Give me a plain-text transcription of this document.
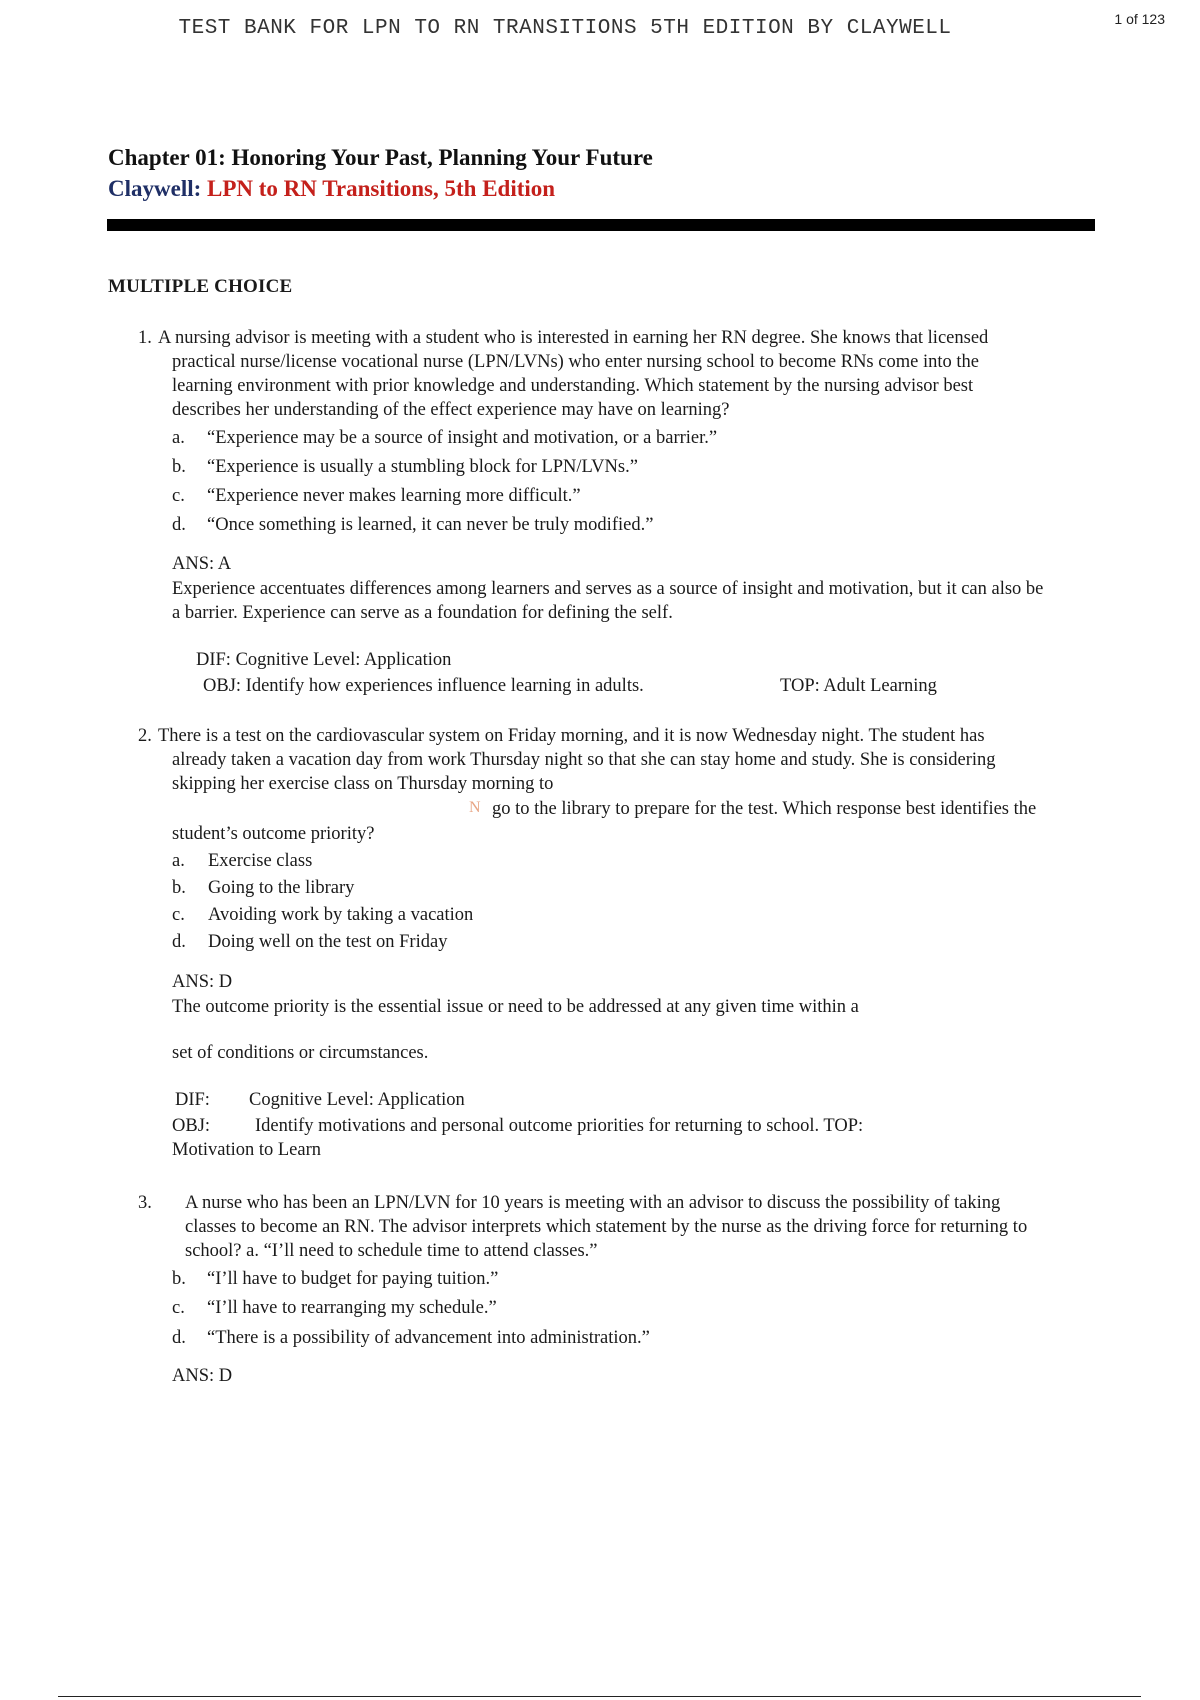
TEST BANK FOR LPN TO RN TRANSITIONS 5TH EDITION BY CLAYWELL	1 of 123
Chapter 01: Honoring Your Past, Planning Your Future
Claywell: LPN to RN Transitions, 5th Edition
MULTIPLE CHOICE
1. A nursing advisor is meeting with a student who is interested in earning her RN degree. She knows that licensed
practical nurse/license vocational nurse (LPN/LVNs) who enter nursing school to become RNs come into the
learning environment with prior knowledge and understanding. Which statement by the nursing advisor best
describes her understanding of the effect experience may have on learning?
a. “Experience may be a source of insight and motivation, or a barrier.”
b. “Experience is usually a stumbling block for LPN/LVNs.”
c. “Experience never makes learning more difficult.”
d. “Once something is learned, it can never be truly modified.”
ANS: A
Experience accentuates differences among learners and serves as a source of insight and motivation, but it can also be
a barrier. Experience can serve as a foundation for defining the self.
DIF: Cognitive Level: Application
OBJ: Identify how experiences influence learning in adults.	TOP: Adult Learning
2. There is a test on the cardiovascular system on Friday morning, and it is now Wednesday night. The student has
already taken a vacation day from work Thursday night so that she can stay home and study. She is considering
skipping her exercise class on Thursday morning to
N go to the library to prepare for the test. Which response best identifies the
student’s outcome priority?
a. Exercise class
b. Going to the library
c. Avoiding work by taking a vacation
d. Doing well on the test on Friday
ANS: D
The outcome priority is the essential issue or need to be addressed at any given time within a
set of conditions or circumstances.
DIF: Cognitive Level: Application
OBJ: Identify motivations and personal outcome priorities for returning to school. TOP:
Motivation to Learn
3. A nurse who has been an LPN/LVN for 10 years is meeting with an advisor to discuss the possibility of taking
classes to become an RN. The advisor interprets which statement by the nurse as the driving force for returning to
school? a. “I’ll need to schedule time to attend classes.”
b. “I’ll have to budget for paying tuition.”
c. “I’ll have to rearranging my schedule.”
d. “There is a possibility of advancement into administration.”
ANS: D
